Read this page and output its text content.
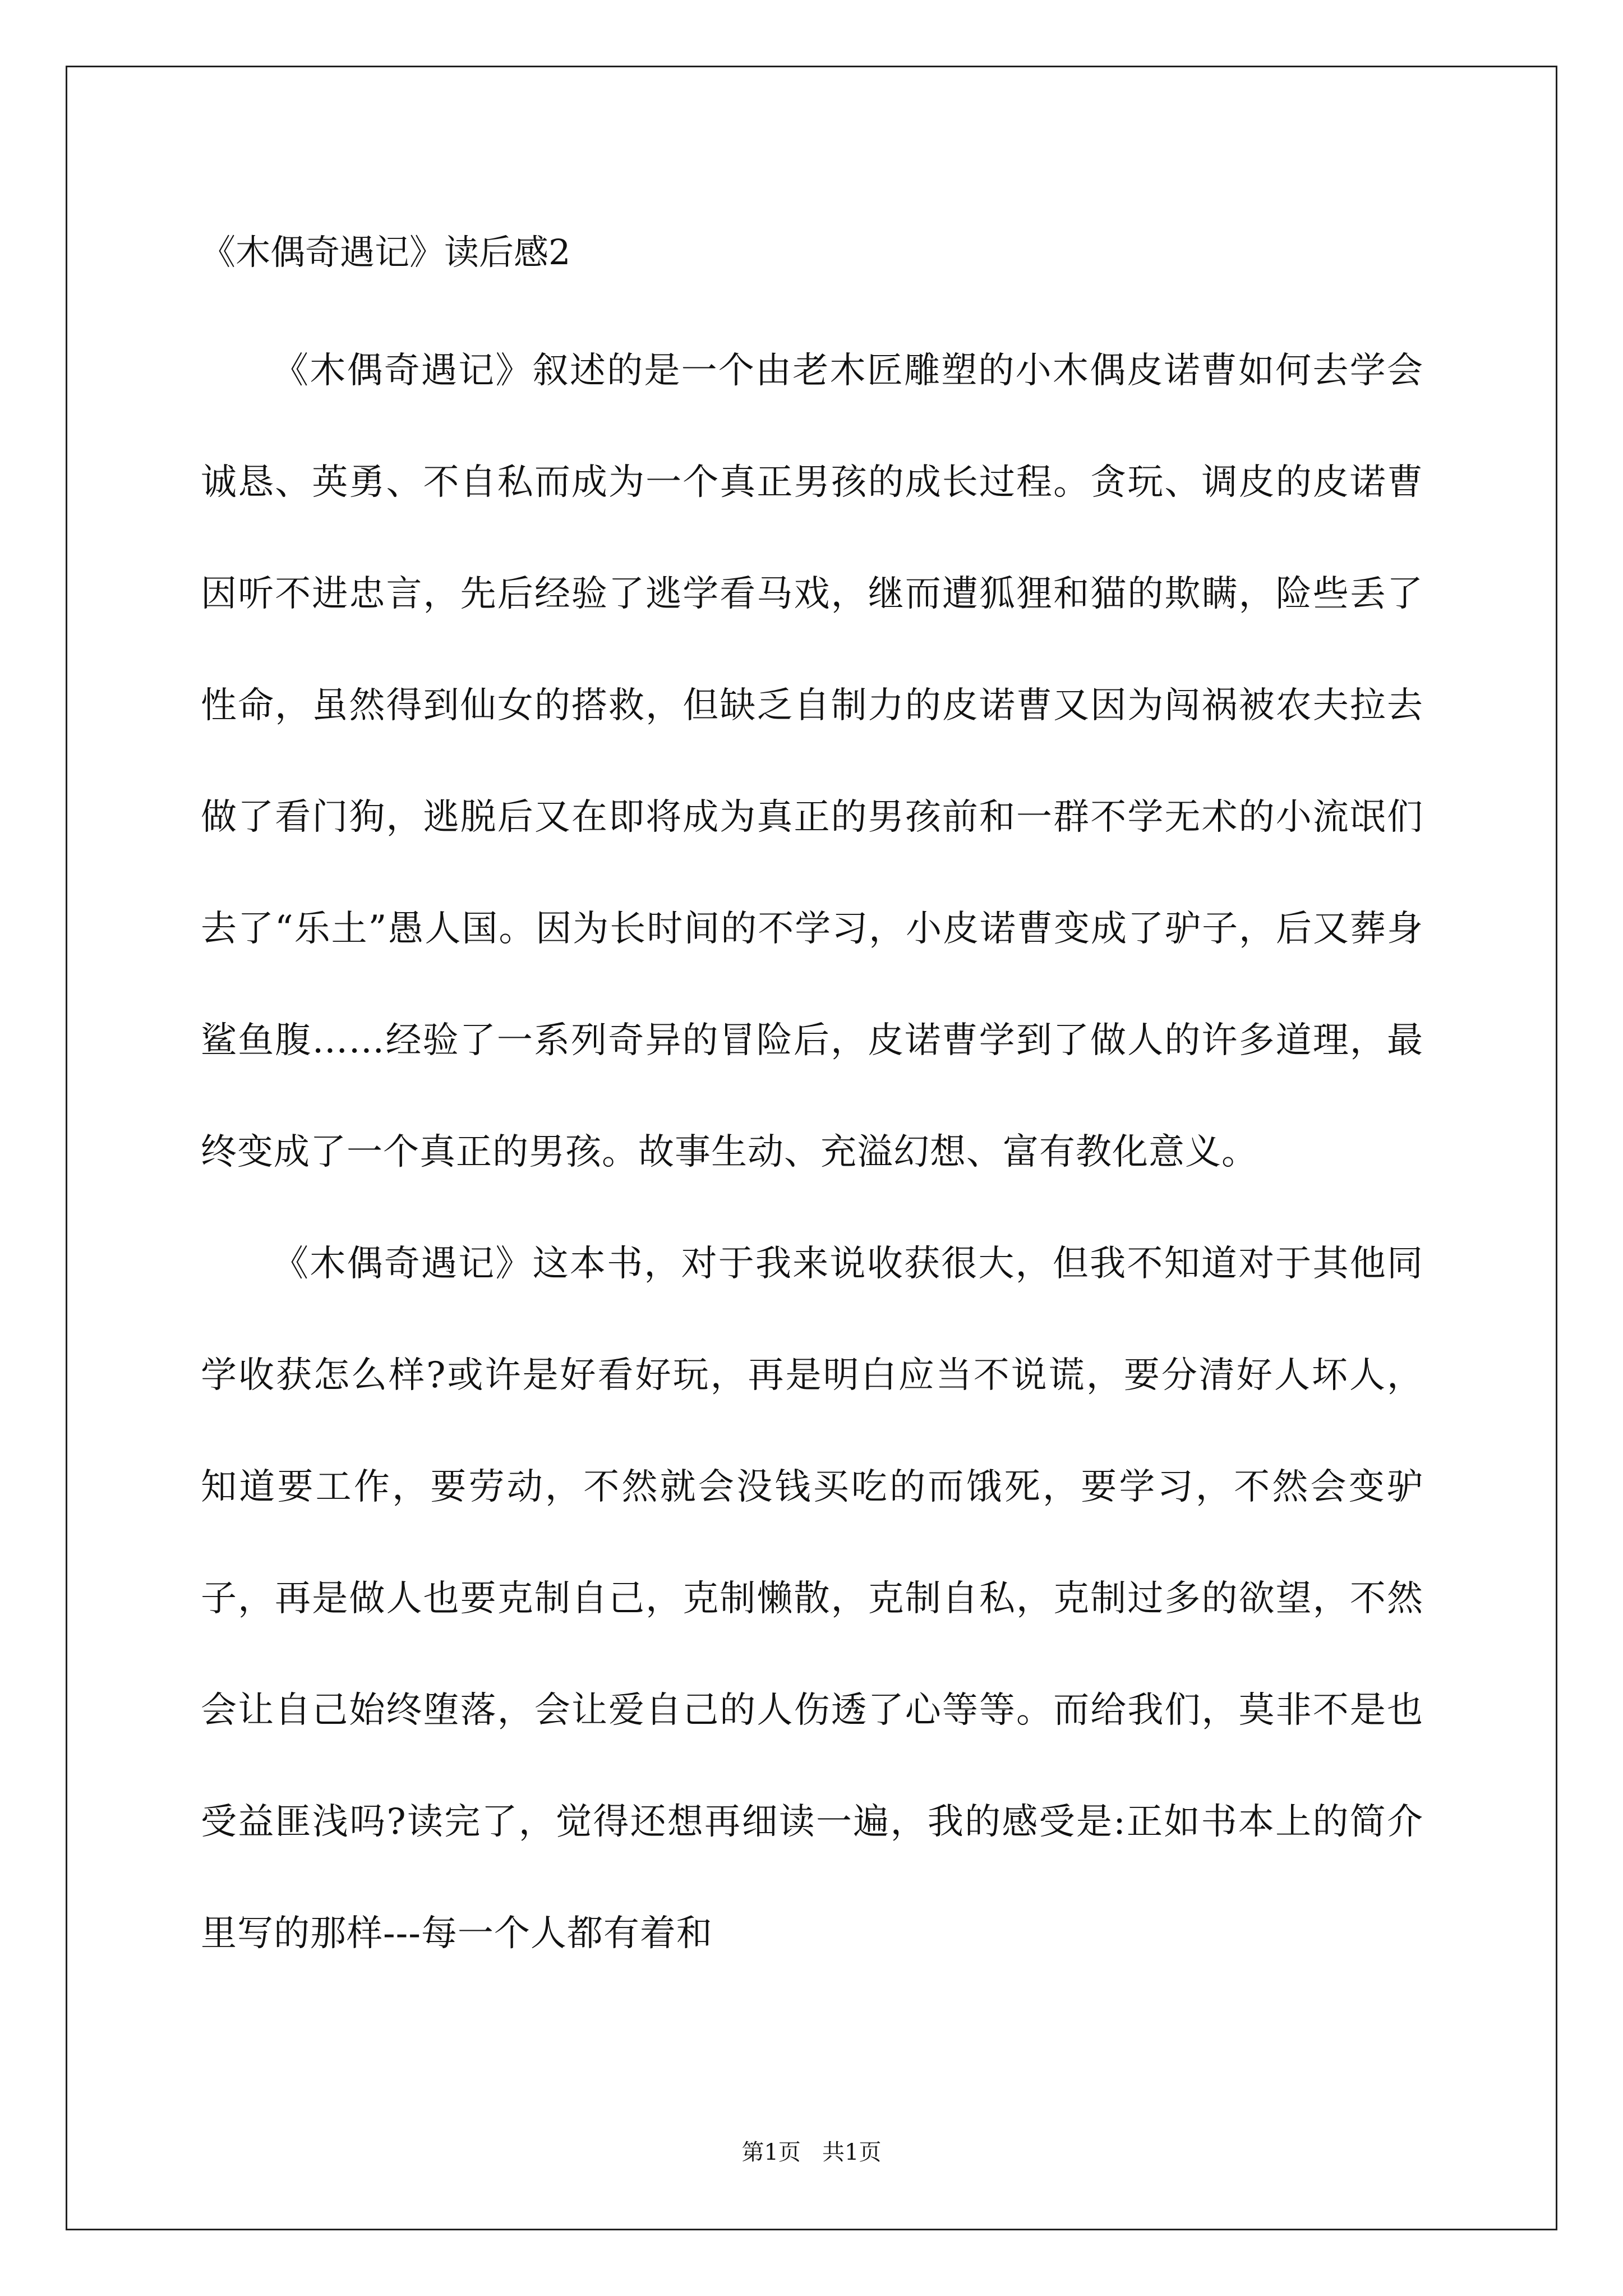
《木偶奇遇记》读后感2

《木偶奇遇记》叙述的是一个由老木匠雕塑的小木偶皮诺曹如何去学会诚恳、英勇、不自私而成为一个真正男孩的成长过程。贪玩、调皮的皮诺曹因听不进忠言，先后经验了逃学看马戏，继而遭狐狸和猫的欺瞒，险些丢了性命，虽然得到仙女的搭救，但缺乏自制力的皮诺曹又因为闯祸被农夫拉去做了看门狗，逃脱后又在即将成为真正的男孩前和一群不学无术的小流氓们去了“乐土”愚人国。因为长时间的不学习，小皮诺曹变成了驴子，后又葬身鲨鱼腹……经验了一系列奇异的冒险后，皮诺曹学到了做人的许多道理，最终变成了一个真正的男孩。故事生动、充溢幻想、富有教化意义。

《木偶奇遇记》这本书，对于我来说收获很大，但我不知道对于其他同学收获怎么样?或许是好看好玩，再是明白应当不说谎，要分清好人坏人，知道要工作，要劳动，不然就会没钱买吃的而饿死，要学习，不然会变驴子，再是做人也要克制自己，克制懒散，克制自私，克制过多的欲望，不然会让自己始终堕落，会让爱自己的人伤透了心等等。而给我们，莫非不是也受益匪浅吗?读完了，觉得还想再细读一遍，我的感受是:正如书本上的简介里写的那样---每一个人都有着和

第1页   共1页
